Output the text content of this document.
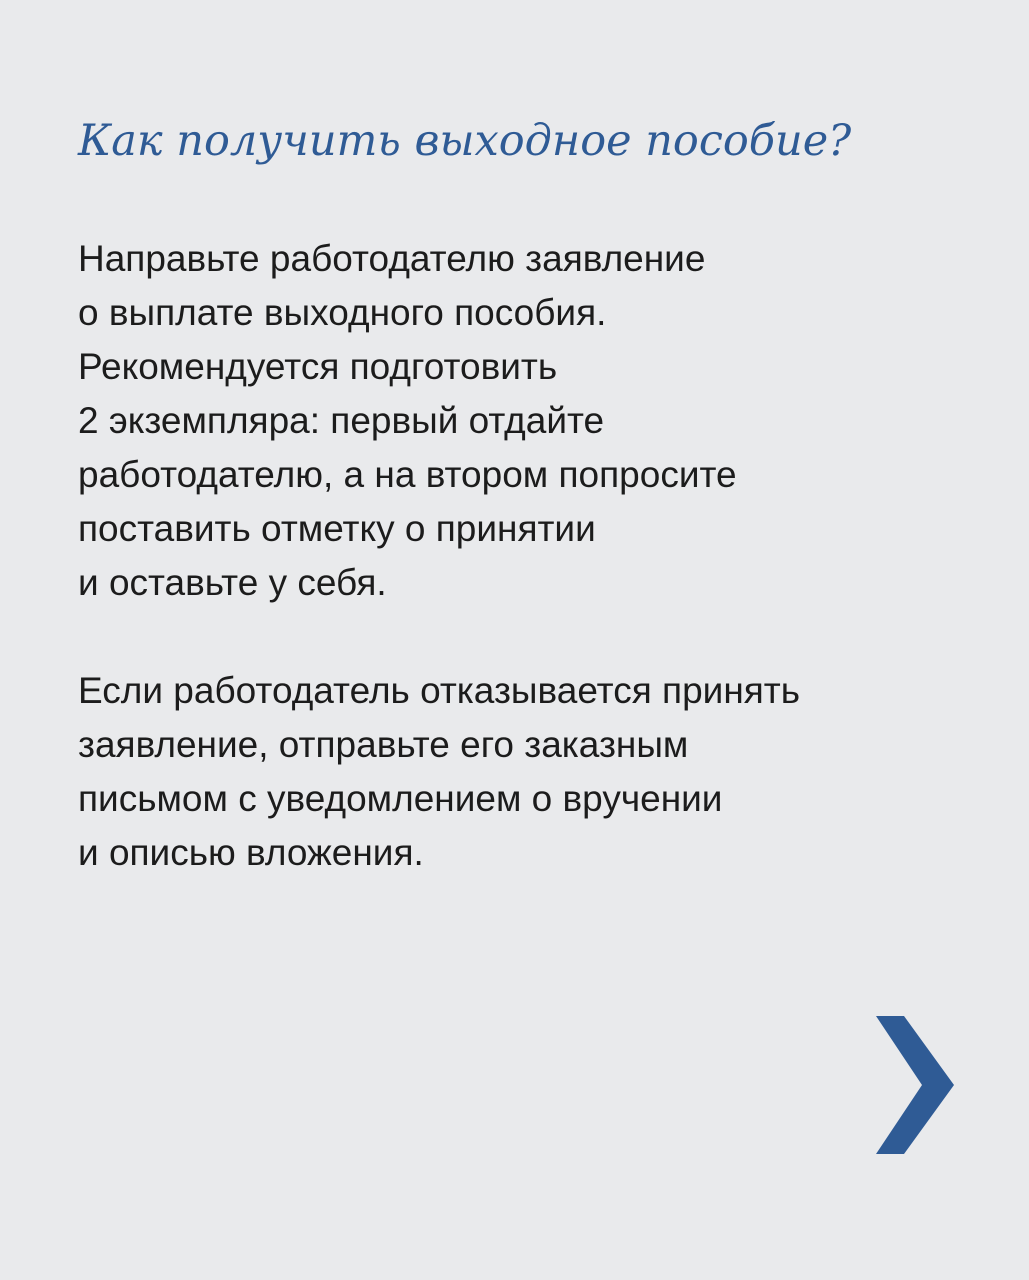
Как получить выходное пособие?

Направьте работодателю заявление
о выплате выходного пособия.
Рекомендуется подготовить
2 экземпляра: первый отдайте
работодателю, а на втором попросите
поставить отметку о принятии
и оставьте у себя.

Если работодатель отказывается принять
заявление, отправьте его заказным
письмом с уведомлением о вручении
и описью вложения.
